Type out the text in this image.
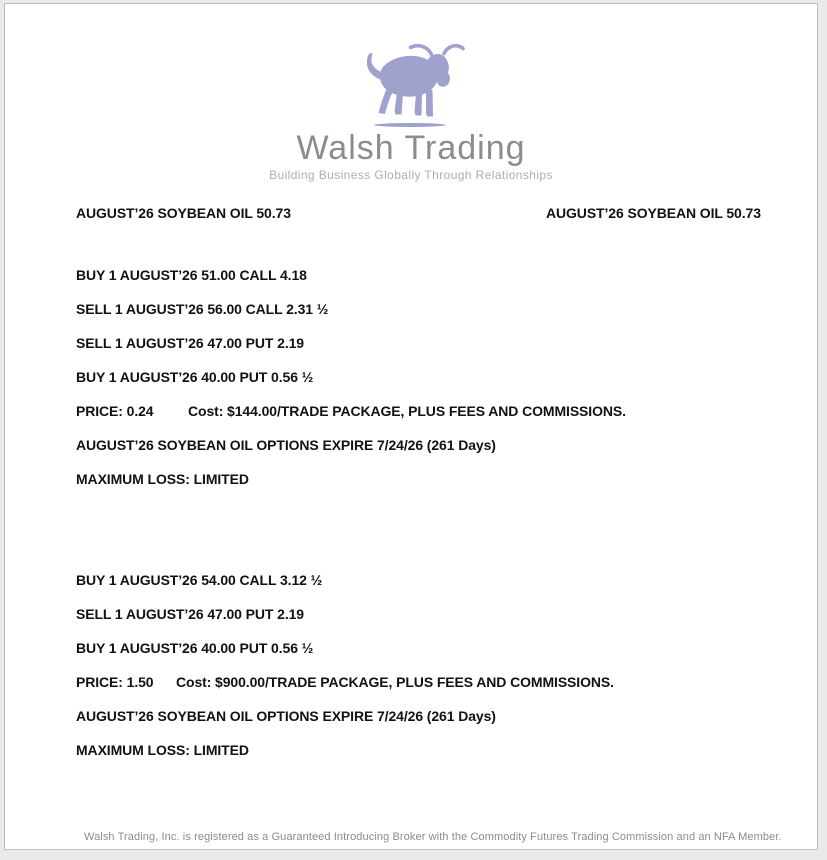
Walsh Trading
Building Business Globally Through Relationships
AUGUST’26 SOYBEAN OIL 50.73	AUGUST’26 SOYBEAN OIL 50.73
BUY 1 AUGUST’26 51.00 CALL 4.18
SELL 1 AUGUST’26 56.00 CALL 2.31 ½
SELL 1 AUGUST’26 47.00 PUT 2.19
BUY 1 AUGUST’26 40.00 PUT 0.56 ½
PRICE: 0.24 Cost: $144.00/TRADE PACKAGE, PLUS FEES AND COMMISSIONS.
AUGUST’26 SOYBEAN OIL OPTIONS EXPIRE 7/24/26 (261 Days)
MAXIMUM LOSS: LIMITED
BUY 1 AUGUST’26 54.00 CALL 3.12 ½
SELL 1 AUGUST’26 47.00 PUT 2.19
BUY 1 AUGUST’26 40.00 PUT 0.56 ½
PRICE: 1.50 Cost: $900.00/TRADE PACKAGE, PLUS FEES AND COMMISSIONS.
AUGUST’26 SOYBEAN OIL OPTIONS EXPIRE 7/24/26 (261 Days)
MAXIMUM LOSS: LIMITED
Walsh Trading, Inc. is registered as a Guaranteed Introducing Broker with the Commodity Futures Trading Commission and an NFA Member.
